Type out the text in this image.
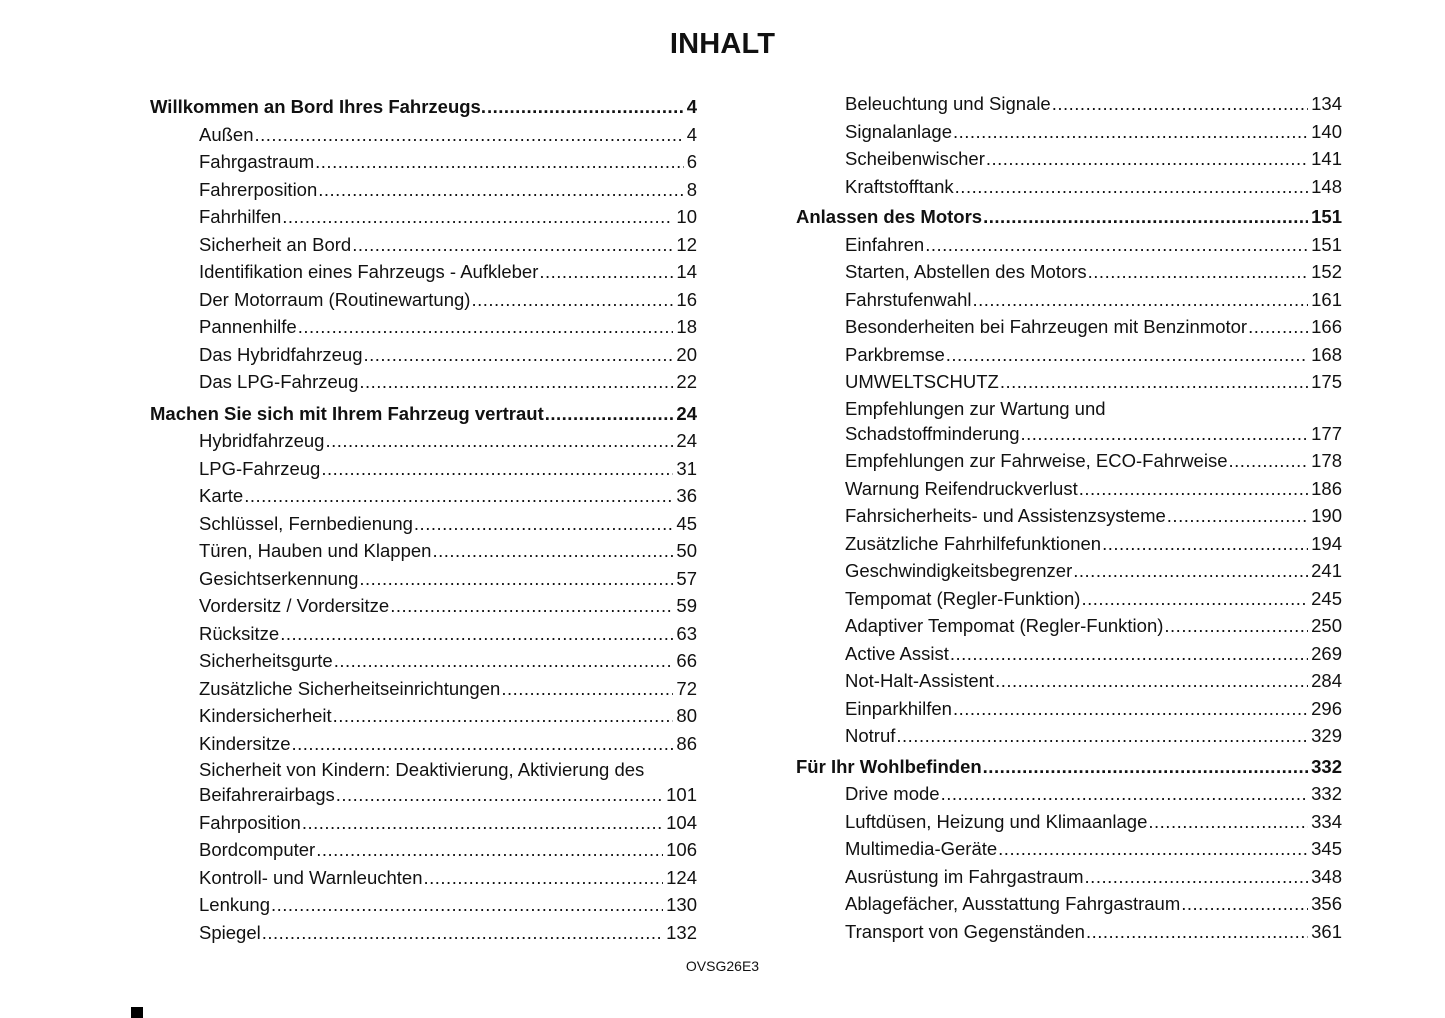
INHALT
Willkommen an Bord Ihres Fahrzeugs. .....	4
Außen .....	4
Fahrgastraum .....	6
Fahrerposition .....	8
Fahrhilfen .....	10
Sicherheit an Bord .....	12
Identifikation eines Fahrzeugs - Aufkleber .....	14
Der Motorraum (Routinewartung) .....	16
Pannenhilfe .....	18
Das Hybridfahrzeug .....	20
Das LPG-Fahrzeug .....	22
Machen Sie sich mit Ihrem Fahrzeug vertraut .....	24
Hybridfahrzeug .....	24
LPG-Fahrzeug .....	31
Karte .....	36
Schlüssel, Fernbedienung .....	45
Türen, Hauben und Klappen .....	50
Gesichtserkennung .....	57
Vordersitz / Vordersitze .....	59
Rücksitze .....	63
Sicherheitsgurte .....	66
Zusätzliche Sicherheitseinrichtungen .....	72
Kindersicherheit .....	80
Kindersitze .....	86
Sicherheit von Kindern: Deaktivierung, Aktivierung des
Beifahrerairbags .....	101
Fahrposition .....	104
Bordcomputer .....	106
Kontroll- und Warnleuchten .....	124
Lenkung .....	130
Spiegel .....	132
Beleuchtung und Signale .....	134
Signalanlage .....	140
Scheibenwischer .....	141
Kraftstofftank .....	148
Anlassen des Motors .....	151
Einfahren .....	151
Starten, Abstellen des Motors .....	152
Fahrstufenwahl .....	161
Besonderheiten bei Fahrzeugen mit Benzinmotor .....	166
Parkbremse .....	168
UMWELTSCHUTZ .....	175
Empfehlungen zur Wartung und
Schadstoffminderung .....	177
Empfehlungen zur Fahrweise, ECO-Fahrweise .....	178
Warnung Reifendruckverlust .....	186
Fahrsicherheits- und Assistenzsysteme .....	190
Zusätzliche Fahrhilfefunktionen .....	194
Geschwindigkeitsbegrenzer .....	241
Tempomat (Regler-Funktion) .....	245
Adaptiver Tempomat (Regler-Funktion) .....	250
Active Assist .....	269
Not-Halt-Assistent .....	284
Einparkhilfen .....	296
Notruf .....	329
Für Ihr Wohlbefinden .....	332
Drive mode .....	332
Luftdüsen, Heizung und Klimaanlage .....	334
Multimedia-Geräte .....	345
Ausrüstung im Fahrgastraum .....	348
Ablagefächer, Ausstattung Fahrgastraum .....	356
Transport von Gegenständen .....	361
OVSG26E3
